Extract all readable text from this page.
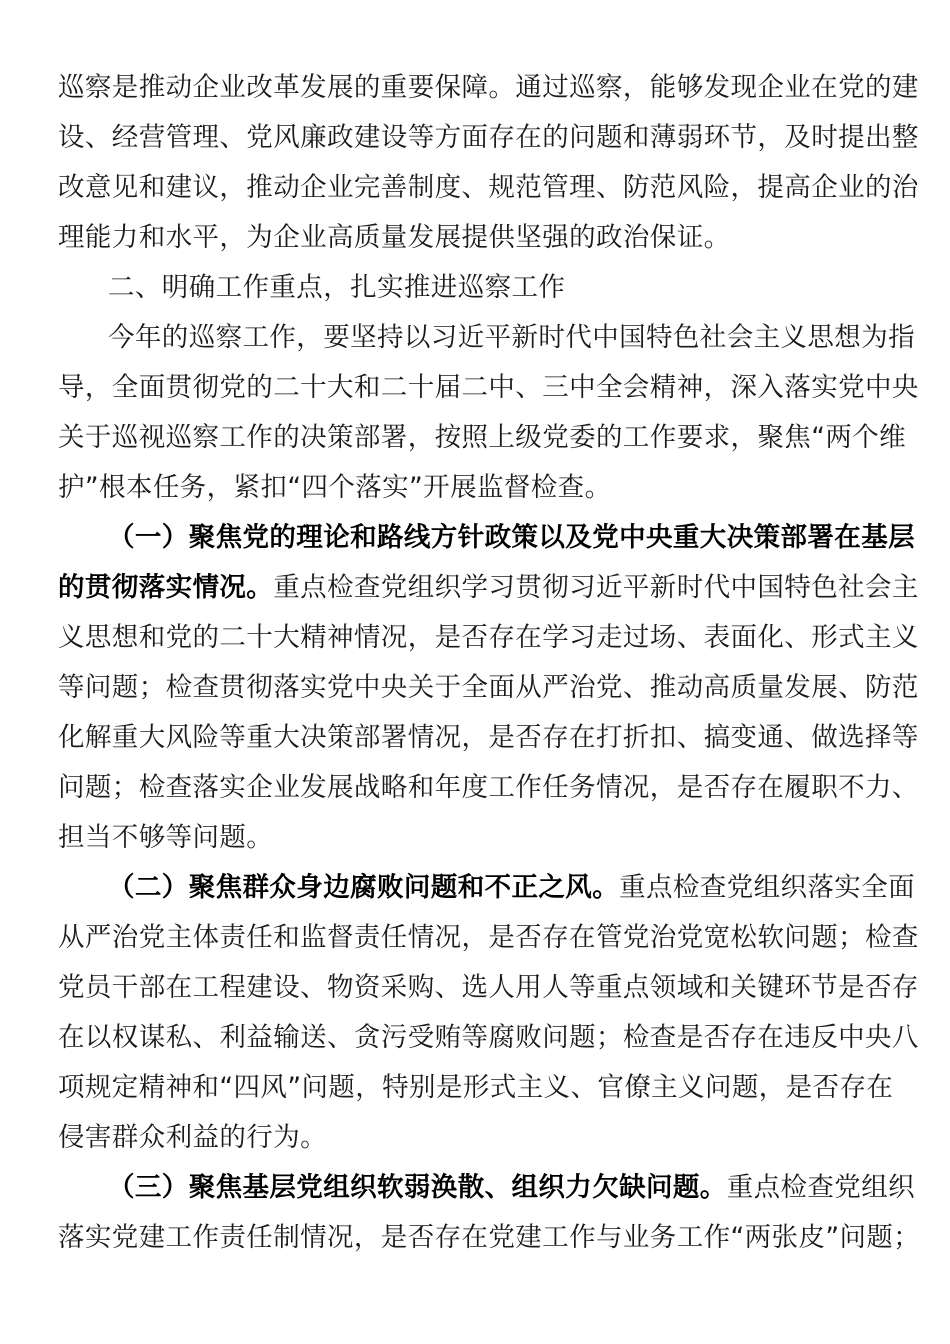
巡察是推动企业改革发展的重要保障。通过巡察，能够发现企业在党的建
设、经营管理、党风廉政建设等方面存在的问题和薄弱环节，及时提出整
改意见和建议，推动企业完善制度、规范管理、防范风险，提高企业的治
理能力和水平，为企业高质量发展提供坚强的政治保证。
二、明确工作重点，扎实推进巡察工作
今年的巡察工作，要坚持以习近平新时代中国特色社会主义思想为指
导，全面贯彻党的二十大和二十届二中、三中全会精神，深入落实党中央
关于巡视巡察工作的决策部署，按照上级党委的工作要求，聚焦“两个维
护”根本任务，紧扣“四个落实”开展监督检查。
（一）聚焦党的理论和路线方针政策以及党中央重大决策部署在基层
的贯彻落实情况。重点检查党组织学习贯彻习近平新时代中国特色社会主
义思想和党的二十大精神情况，是否存在学习走过场、表面化、形式主义
等问题；检查贯彻落实党中央关于全面从严治党、推动高质量发展、防范
化解重大风险等重大决策部署情况，是否存在打折扣、搞变通、做选择等
问题；检查落实企业发展战略和年度工作任务情况，是否存在履职不力、
担当不够等问题。
（二）聚焦群众身边腐败问题和不正之风。重点检查党组织落实全面
从严治党主体责任和监督责任情况，是否存在管党治党宽松软问题；检查
党员干部在工程建设、物资采购、选人用人等重点领域和关键环节是否存
在以权谋私、利益输送、贪污受贿等腐败问题；检查是否存在违反中央八
项规定精神和“四风”问题，特别是形式主义、官僚主义问题，是否存在
侵害群众利益的行为。
（三）聚焦基层党组织软弱涣散、组织力欠缺问题。重点检查党组织
落实党建工作责任制情况，是否存在党建工作与业务工作“两张皮”问题；
